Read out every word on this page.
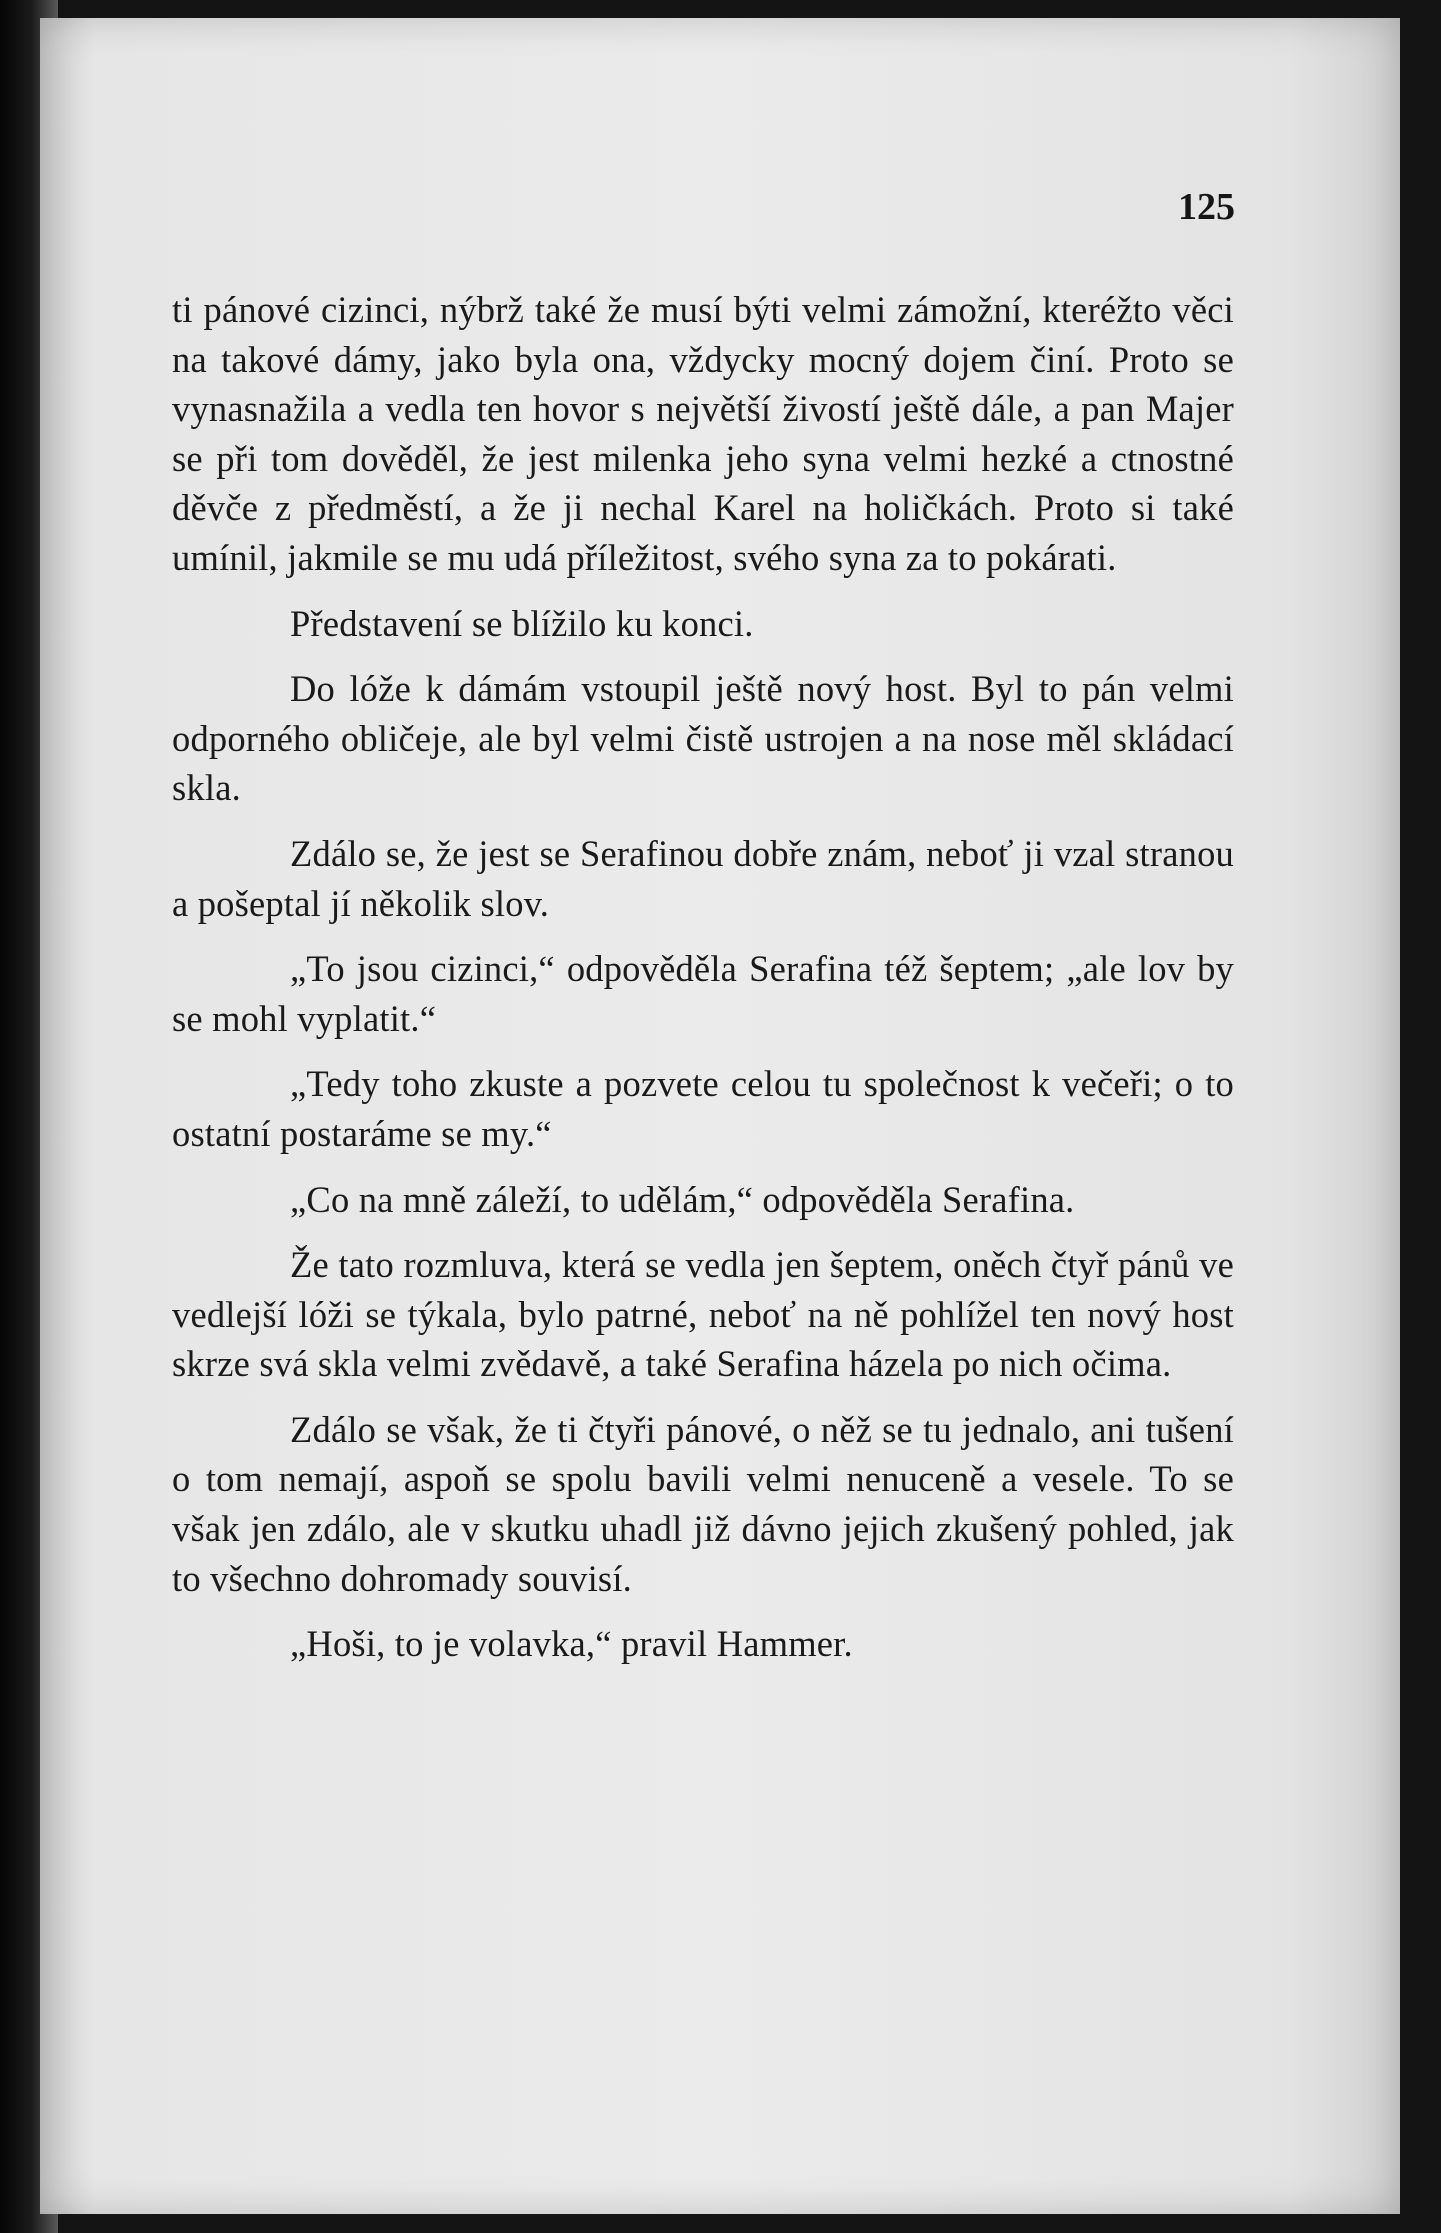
125

ti pánové cizinci, nýbrž také že musí býti velmi zámožní, kteréžto věci na takové dámy, jako byla ona, vždycky mocný dojem činí. Proto se vynasnažila a vedla ten hovor s největší živostí ještě dále, a pan Majer se při tom dověděl, že jest milenka jeho syna velmi hezké a ctnostné děvče z předměstí, a že ji nechal Karel na holičkách. Proto si také umínil, jakmile se mu udá příležitost, svého syna za to pokárati.

Představení se blížilo ku konci.

Do lóže k dámám vstoupil ještě nový host. Byl to pán velmi odporného obličeje, ale byl velmi čistě ustrojen a na nose měl skládací skla.

Zdálo se, že jest se Serafinou dobře znám, neboť ji vzal stranou a pošeptal jí několik slov.

„To jsou cizinci,“ odpověděla Serafina též šeptem; „ale lov by se mohl vyplatit.“

„Tedy toho zkuste a pozvete celou tu společnost k večeři; o to ostatní postaráme se my.“

„Co na mně záleží, to udělám,“ odpověděla Serafina.

Že tato rozmluva, která se vedla jen šeptem, oněch čtyř pánů ve vedlejší lóži se týkala, bylo patrné, neboť na ně pohlížel ten nový host skrze svá skla velmi zvědavě, a také Serafina házela po nich očima.

Zdálo se však, že ti čtyři pánové, o něž se tu jednalo, ani tušení o tom nemají, aspoň se spolu bavili velmi nenuceně a vesele. To se však jen zdálo, ale v skutku uhadl již dávno jejich zkušený pohled, jak to všechno dohromady souvisí.

„Hoši, to je volavka,“ pravil Hammer.
